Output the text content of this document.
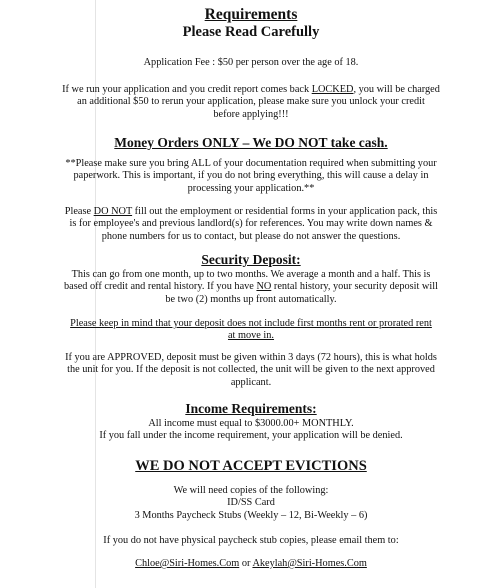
Requirements
Please Read Carefully

Application Fee : $50 per person over the age of 18.

If we run your application and you credit report comes back LOCKED, you will be charged
an additional $50 to rerun your application, please make sure you unlock your credit
before applying!!!

Money Orders ONLY – We DO NOT take cash.

**Please make sure you bring ALL of your documentation required when submitting your
paperwork. This is important, if you do not bring everything, this will cause a delay in
processing your application.**

Please DO NOT fill out the employment or residential forms in your application pack, this
is for employee's and previous landlord(s) for references. You may write down names &
phone numbers for us to contact, but please do not answer the questions.

Security Deposit:

This can go from one month, up to two months. We average a month and a half. This is
based off credit and rental history. If you have NO rental history, your security deposit will
be two (2) months up front automatically.

Please keep in mind that your deposit does not include first months rent or prorated rent
at move in.

If you are APPROVED, deposit must be given within 3 days (72 hours), this is what holds
the unit for you. If the deposit is not collected, the unit will be given to the next approved
applicant.

Income Requirements:

All income must equal to $3000.00+ MONTHLY.
If you fall under the income requirement, your application will be denied.

WE DO NOT ACCEPT EVICTIONS

We will need copies of the following:
ID/SS Card
3 Months Paycheck Stubs (Weekly – 12, Bi-Weekly – 6)

If you do not have physical paycheck stub copies, please email them to:

Chloe@Siri-Homes.Com or Akeylah@Siri-Homes.Com
